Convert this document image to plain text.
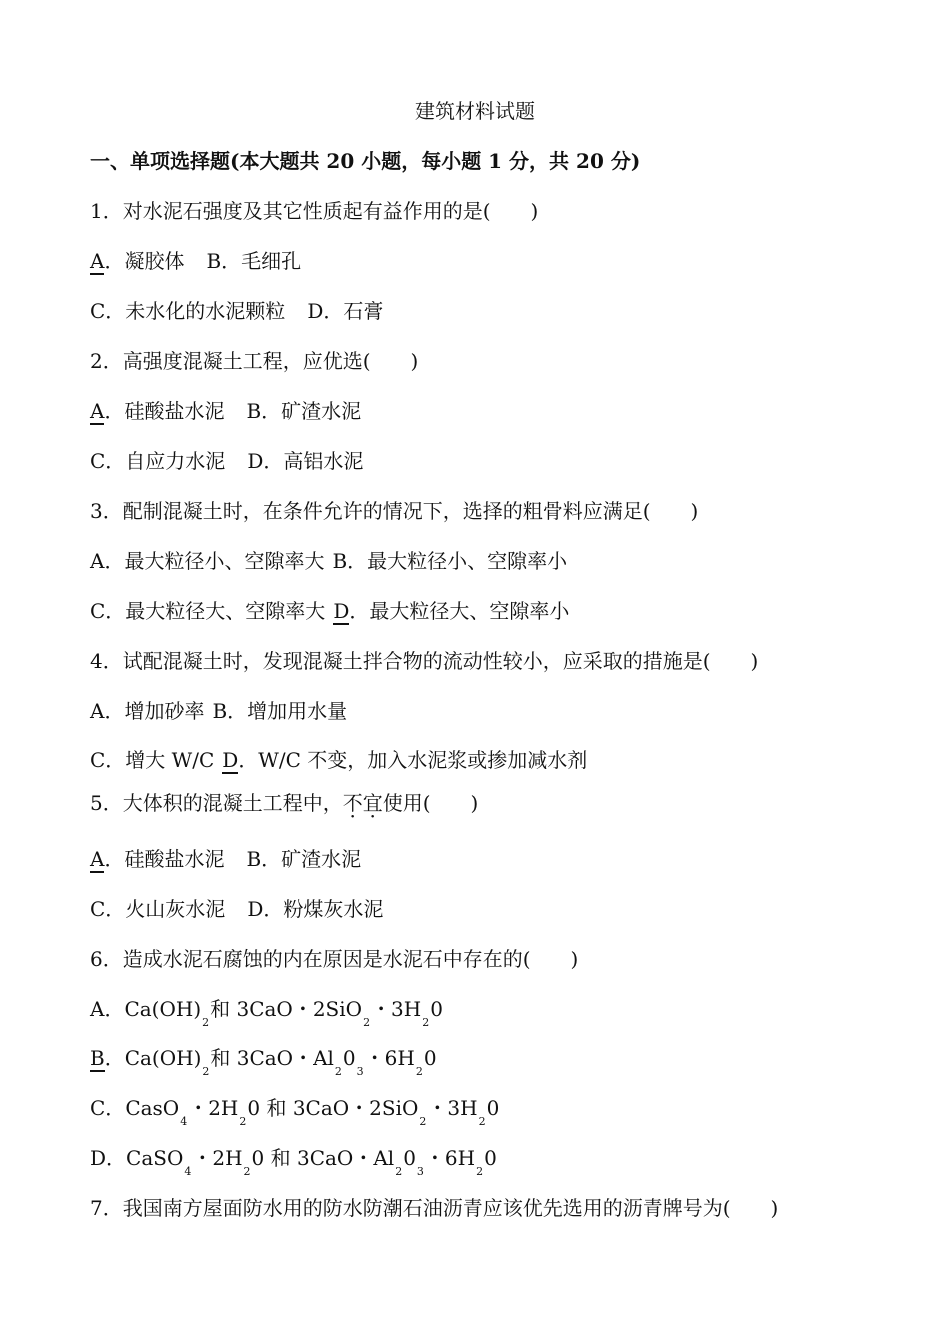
建筑材料试题
一、单项选择题(本大题共 20 小题，每小题 1 分，共 20 分)
1．对水泥石强度及其它性质起有益作用的是(　　)
A．凝胶体 B．毛细孔
C．未水化的水泥颗粒 D．石膏
2．高强度混凝土工程，应优选(　　)
A．硅酸盐水泥 B．矿渣水泥
C．自应力水泥 D．高铝水泥
3．配制混凝土时，在条件允许的情况下，选择的粗骨料应满足(　　)
A．最大粒径小、空隙率大 B．最大粒径小、空隙率小
C．最大粒径大、空隙率大 D．最大粒径大、空隙率小
4．试配混凝土时，发现混凝土拌合物的流动性较小，应采取的措施是(　　)
A．增加砂率 B．增加用水量
C．增大 W/C D．W/C 不变，加入水泥浆或掺加减水剂
5．大体积的混凝土工程中，不宜使用(　　)
A．硅酸盐水泥 B．矿渣水泥
C．火山灰水泥 D．粉煤灰水泥
6．造成水泥石腐蚀的内在原因是水泥石中存在的(　　)
A．$Ca(OH)_2$和 3CaO・2SiO$_2$・$3H_20$
B．$Ca(OH)_2$和 3CaO・$Al_20_3$・$6H_20$
C．CasO$_4$・$2H_20$ 和 3CaO・2SiO$_2$・$3H_20$
D．CaSO$_4$・$2H_20$ 和 3CaO・$Al_20_3$・$6H_20$
7．我国南方屋面防水用的防水防潮石油沥青应该优先选用的沥青牌号为(　　)
